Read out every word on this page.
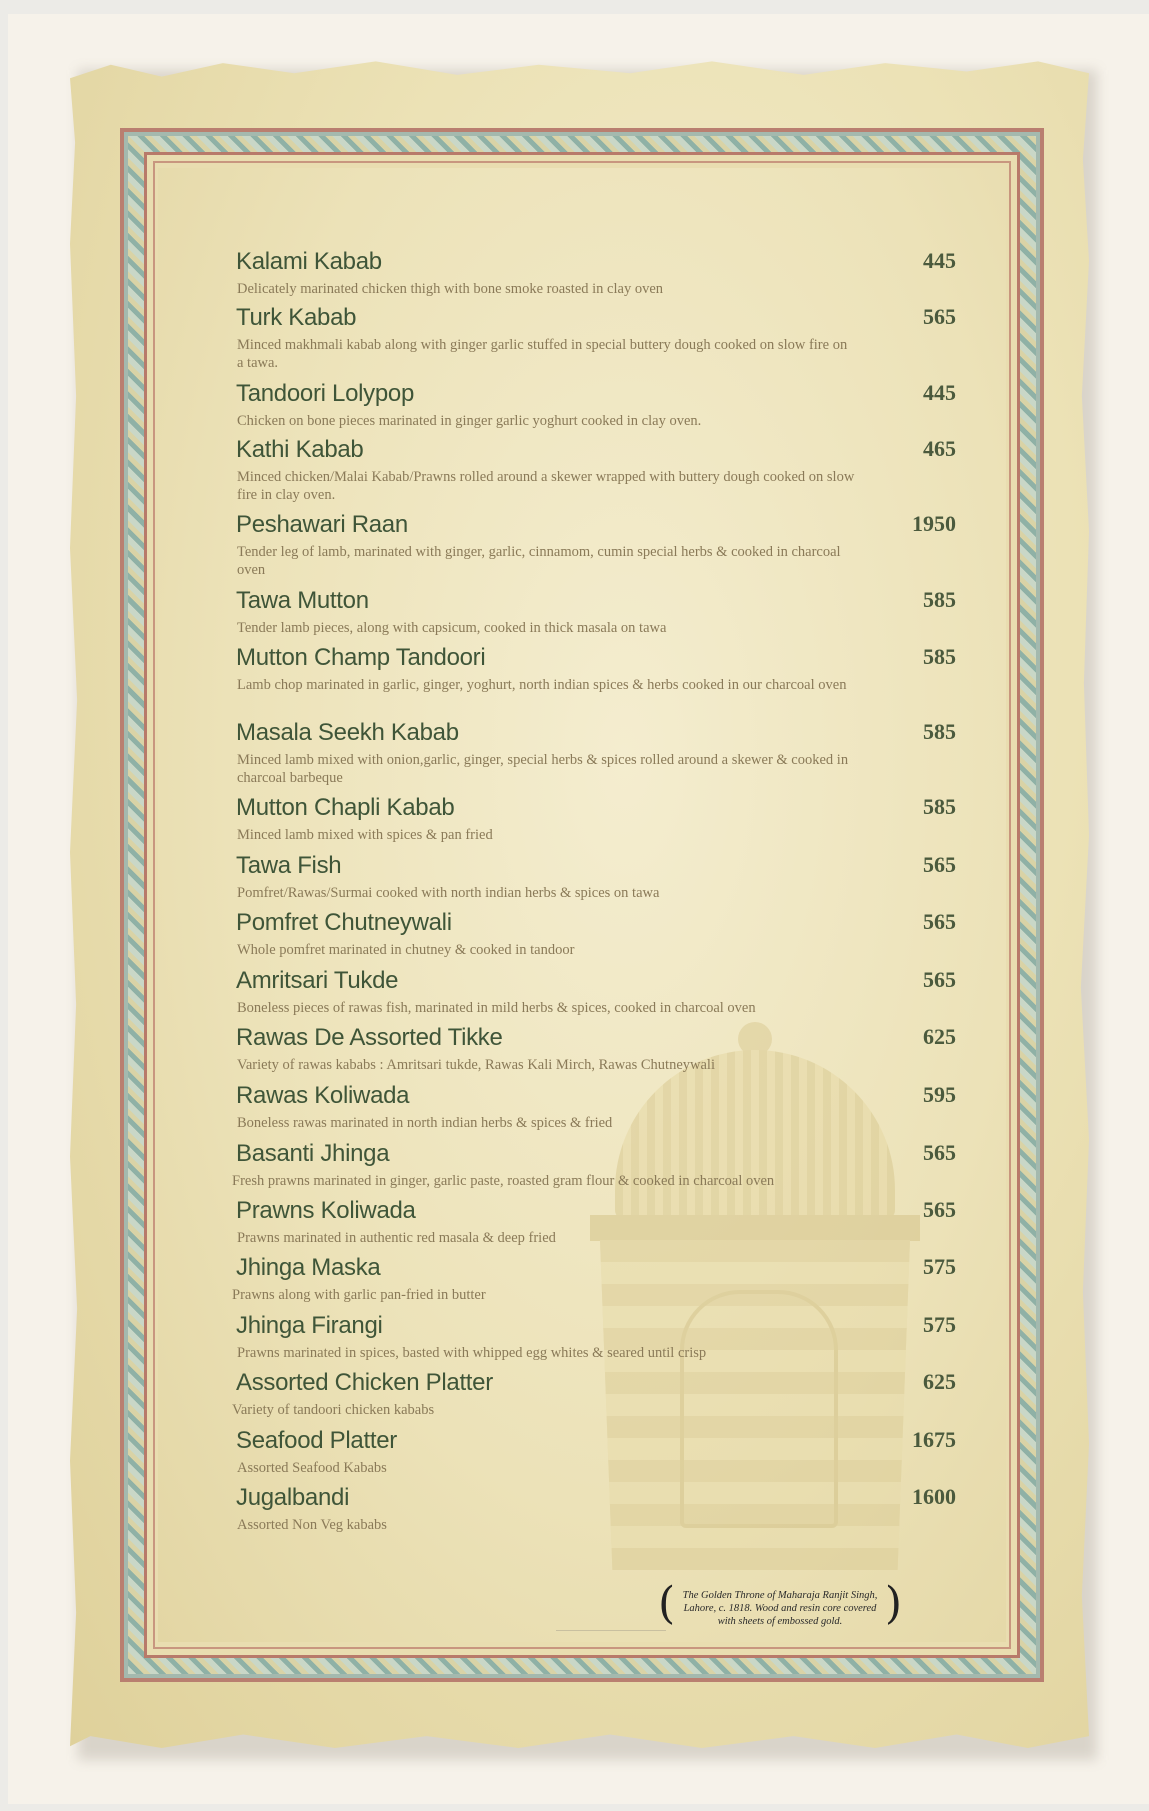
Kalami Kabab	445
Delicately marinated chicken thigh with bone smoke roasted in clay oven
Turk Kabab	565
Minced makhmali kabab along with ginger garlic stuffed in special buttery dough cooked on slow fire on a tawa.
Tandoori Lolypop	445
Chicken on bone pieces marinated in ginger garlic yoghurt cooked in clay oven.
Kathi Kabab	465
Minced chicken/Malai Kabab/Prawns rolled around a skewer wrapped with buttery dough cooked on slow fire in clay oven.
Peshawari Raan	1950
Tender leg of lamb, marinated with ginger, garlic, cinnamom, cumin special herbs & cooked in charcoal oven
Tawa Mutton	585
Tender lamb pieces, along with capsicum, cooked in thick masala on tawa
Mutton Champ Tandoori	585
Lamb chop marinated in garlic, ginger, yoghurt, north indian spices & herbs cooked in our charcoal oven
Masala Seekh Kabab	585
Minced lamb mixed with onion,garlic, ginger, special herbs & spices rolled around a skewer & cooked in charcoal barbeque
Mutton Chapli Kabab	585
Minced lamb mixed with spices & pan fried
Tawa Fish	565
Pomfret/Rawas/Surmai cooked with north indian herbs & spices on tawa
Pomfret Chutneywali	565
Whole pomfret marinated in chutney & cooked in tandoor
Amritsari Tukde	565
Boneless pieces of rawas fish, marinated in mild herbs & spices, cooked in charcoal oven
Rawas De Assorted Tikke	625
Variety of rawas kababs : Amritsari tukde, Rawas Kali Mirch, Rawas Chutneywali
Rawas Koliwada	595
Boneless rawas marinated in north indian herbs & spices & fried
Basanti Jhinga	565
Fresh prawns marinated in ginger, garlic paste, roasted gram flour & cooked in charcoal oven
Prawns Koliwada	565
Prawns marinated in authentic red masala & deep fried
Jhinga Maska	575
Prawns along with garlic pan-fried in butter
Jhinga Firangi	575
Prawns marinated in spices, basted with whipped egg whites & seared until crisp
Assorted Chicken Platter	625
Variety of tandoori chicken kababs
Seafood Platter	1675
Assorted Seafood Kababs
Jugalbandi	1600
Assorted Non Veg kababs
(	)
The Golden Throne of Maharaja Ranjit Singh,
Lahore, c. 1818. Wood and resin core covered
with sheets of embossed gold.
